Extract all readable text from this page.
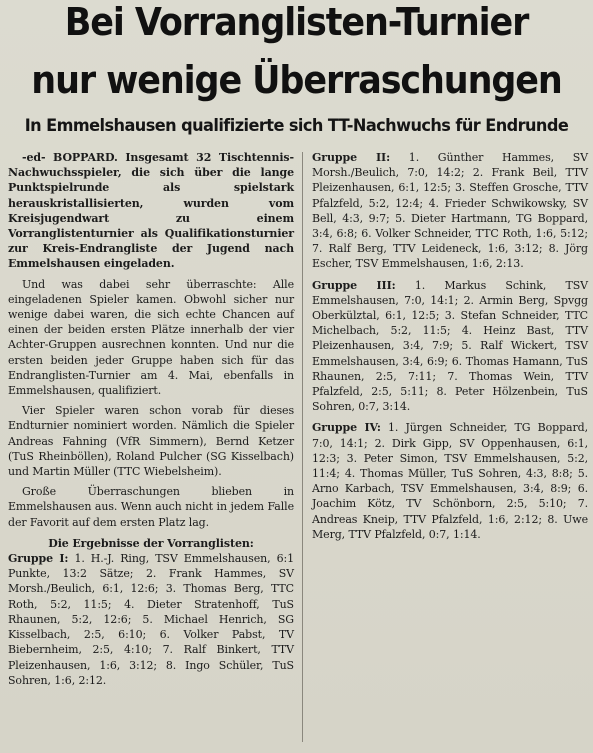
Bei Vorranglisten-Turnier
nur wenige Überraschungen
In Emmelshausen qualifizierte sich TT-Nachwuchs für Endrunde

-ed- BOPPARD. Insgesamt 32 Tischtennis-Nachwuchsspieler, die sich über die lange Punktspielrunde als spielstark herauskristallisierten, wurden vom Kreisjugendwart zu einem Vorranglistenturnier als Qualifikationsturnier zur Kreis-Endrangliste der Jugend nach Emmelshausen eingeladen.

Und was dabei sehr überraschte: Alle eingeladenen Spieler kamen. Obwohl sicher nur wenige dabei waren, die sich echte Chancen auf einen der beiden ersten Plätze innerhalb der vier Achter-Gruppen ausrechnen konnten. Und nur die ersten beiden jeder Gruppe haben sich für das Endranglisten-Turnier am 4. Mai, ebenfalls in Emmelshausen, qualifiziert.

Vier Spieler waren schon vorab für dieses Endturnier nominiert worden. Nämlich die Spieler Andreas Fahning (VfR Simmern), Bernd Ketzer (TuS Rheinböllen), Roland Pulcher (SG Kisselbach) und Martin Müller (TTC Wiebelsheim).

Große Überraschungen blieben in Emmelshausen aus. Wenn auch nicht in jedem Falle der Favorit auf dem ersten Platz lag.

Die Ergebnisse der Vorranglisten:

Gruppe I: 1. H.-J. Ring, TSV Emmelshausen, 6:1 Punkte, 13:2 Sätze; 2. Frank Hammes, SV Morsh./Beulich, 6:1, 12:6; 3. Thomas Berg, TTC Roth, 5:2, 11:5; 4. Dieter Stratenhoff, TuS Rhaunen, 5:2, 12:6; 5. Michael Henrich, SG Kisselbach, 2:5, 6:10; 6. Volker Pabst, TV Biebernheim, 2:5, 4:10; 7. Ralf Binkert, TTV Pleizenhausen, 1:6, 3:12; 8. Ingo Schüler, TuS Sohren, 1:6, 2:12.

Gruppe II: 1. Günther Hammes, SV Morsh./Beulich, 7:0, 14:2; 2. Frank Beil, TTV Pleizenhausen, 6:1, 12:5; 3. Steffen Grosche, TTV Pfalzfeld, 5:2, 12:4; 4. Frieder Schwikowsky, SV Bell, 4:3, 9:7; 5. Dieter Hartmann, TG Boppard, 3:4, 6:8; 6. Volker Schneider, TTC Roth, 1:6, 5:12; 7. Ralf Berg, TTV Leideneck, 1:6, 3:12; 8. Jörg Escher, TSV Emmelshausen, 1:6, 2:13.

Gruppe III: 1. Markus Schink, TSV Emmelshausen, 7:0, 14:1; 2. Armin Berg, Spvgg Oberkülztal, 6:1, 12:5; 3. Stefan Schneider, TTC Michelbach, 5:2, 11:5; 4. Heinz Bast, TTV Pleizenhausen, 3:4, 7:9; 5. Ralf Wickert, TSV Emmelshausen, 3:4, 6:9; 6. Thomas Hamann, TuS Rhaunen, 2:5, 7:11; 7. Thomas Wein, TTV Pfalzfeld, 2:5, 5:11; 8. Peter Hölzenbein, TuS Sohren, 0:7, 3:14.

Gruppe IV: 1. Jürgen Schneider, TG Boppard, 7:0, 14:1; 2. Dirk Gipp, SV Oppenhausen, 6:1, 12:3; 3. Peter Simon, TSV Emmelshausen, 5:2, 11:4; 4. Thomas Müller, TuS Sohren, 4:3, 8:8; 5. Arno Karbach, TSV Emmelshausen, 3:4, 8:9; 6. Joachim Kötz, TV Schönborn, 2:5, 5:10; 7. Andreas Kneip, TTV Pfalzfeld, 1:6, 2:12; 8. Uwe Merg, TTV Pfalzfeld, 0:7, 1:14.
